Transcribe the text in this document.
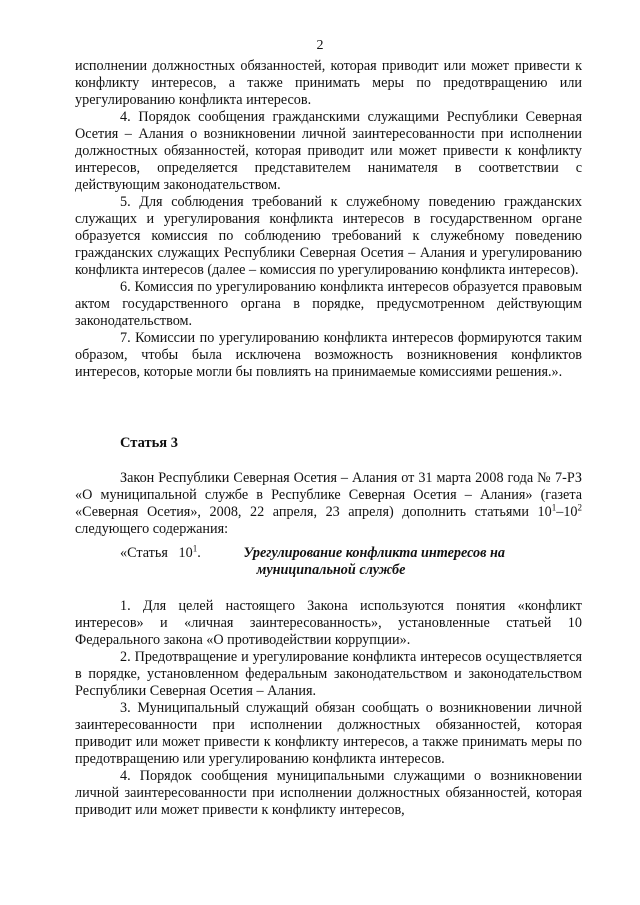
2

исполнении должностных обязанностей, которая приводит или может привести к конфликту интересов, а также принимать меры по предотвращению или урегулированию конфликта интересов.

4. Порядок сообщения гражданскими служащими Республики Северная Осетия – Алания о возникновении личной заинтересованности при исполнении должностных обязанностей, которая приводит или может привести к конфликту интересов, определяется представителем нанимателя в соответствии с действующим законодательством.

5. Для соблюдения требований к служебному поведению гражданских служащих и урегулирования конфликта интересов в государственном органе образуется комиссия по соблюдению требований к служебному поведению гражданских служащих Республики Северная Осетия – Алания и урегулированию конфликта интересов (далее – комиссия по урегулированию конфликта интересов).

6. Комиссия по урегулированию конфликта интересов образуется правовым актом государственного органа в порядке, предусмотренном действующим законодательством.

7. Комиссии по урегулированию конфликта интересов формируются таким образом, чтобы была исключена возможность возникновения конфликтов интересов, которые могли бы повлиять на принимаемые комиссиями решения.».

Статья 3

Закон Республики Северная Осетия – Алания от 31 марта 2008 года № 7-РЗ «О муниципальной службе в Республике Северная Осетия – Алания» (газета «Северная Осетия», 2008, 22 апреля, 23 апреля) дополнить статьями $10^1-10^2$ следующего содержания:

«Статья $10^1$.	Урегулирование конфликта интересов на
муниципальной службе

1. Для целей настоящего Закона используются понятия «конфликт интересов» и «личная заинтересованность», установленные статьей 10 Федерального закона «О противодействии коррупции».

2. Предотвращение и урегулирование конфликта интересов осуществляется в порядке, установленном федеральным законодательством и законодательством Республики Северная Осетия – Алания.

3. Муниципальный служащий обязан сообщать о возникновении личной заинтересованности при исполнении должностных обязанностей, которая приводит или может привести к конфликту интересов, а также принимать меры по предотвращению или урегулированию конфликта интересов.

4. Порядок сообщения муниципальными служащими о возникновении личной заинтересованности при исполнении должностных обязанностей, которая приводит или может привести к конфликту интересов,
